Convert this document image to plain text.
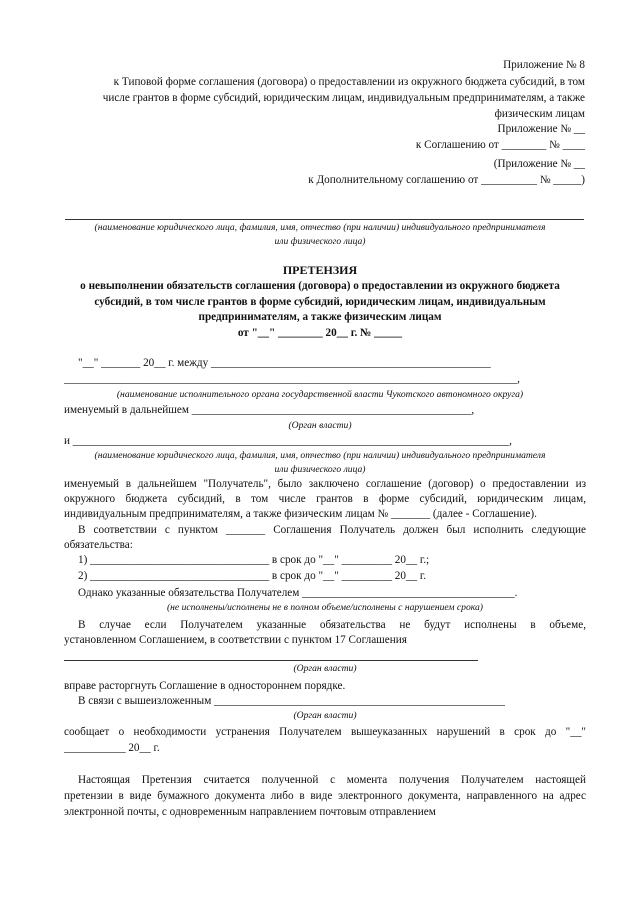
Приложение № 8
к Типовой форме соглашения (договора) о предоставлении из окружного бюджета субсидий, в том
числе грантов в форме субсидий, юридическим лицам, индивидуальным предпринимателям, а также
физическим лицам
Приложение № __
к Соглашению от ________ № ____
(Приложение № __
к Дополнительному соглашению от __________ № _____)
(наименование юридического лица, фамилия, имя, отчество (при наличии) индивидуального предпринимателя
или физического лица)
ПРЕТЕНЗИЯ
о невыполнении обязательств соглашения (договора) о предоставлении из окружного бюджета
субсидий, в том числе грантов в форме субсидий, юридическим лицам, индивидуальным
предпринимателям, а также физическим лицам
от "__" ________ 20__ г. № _____
"__" _______ 20__ г. между __________________________________________________
_________________________________________________________________________________,
(наименование исполнительного органа государственной власти Чукотского автономного округа)
именуемый в дальнейшем __________________________________________________,
(Орган власти)
и ______________________________________________________________________________,
(наименование юридического лица, фамилия, имя, отчество (при наличии) индивидуального предпринимателя
или физического лица)
именуемый в дальнейшем "Получатель", было заключено соглашение (договор) о предоставлении из
окружного бюджета субсидий, в том числе грантов в форме субсидий, юридическим лицам,
индивидуальным предпринимателям, а также физическим лицам № _______ (далее - Соглашение).
В соответствии с пунктом _______ Соглашения Получатель должен был исполнить следующие
обязательства:
1) ________________________________ в срок до "__" _________ 20__ г.;
2) ________________________________ в срок до "__" _________ 20__ г.
Однако указанные обязательства Получателем ______________________________________.
(не исполнены/исполнены не в полном объеме/исполнены с нарушением срока)
В случае если Получателем указанные обязательства не будут исполнены в объеме,
установленном Соглашением, в соответствии с пунктом 17 Соглашения
(Орган власти)
вправе расторгнуть Соглашение в одностороннем порядке.
В связи с вышеизложенным ____________________________________________________
(Орган власти)
сообщает о необходимости устранения Получателем вышеуказанных нарушений в срок до "__"
___________ 20__ г.
Настоящая Претензия считается полученной с момента получения Получателем настоящей
претензии в виде бумажного документа либо в виде электронного документа, направленного на адрес
электронной почты, с одновременным направлением почтовым отправлением
